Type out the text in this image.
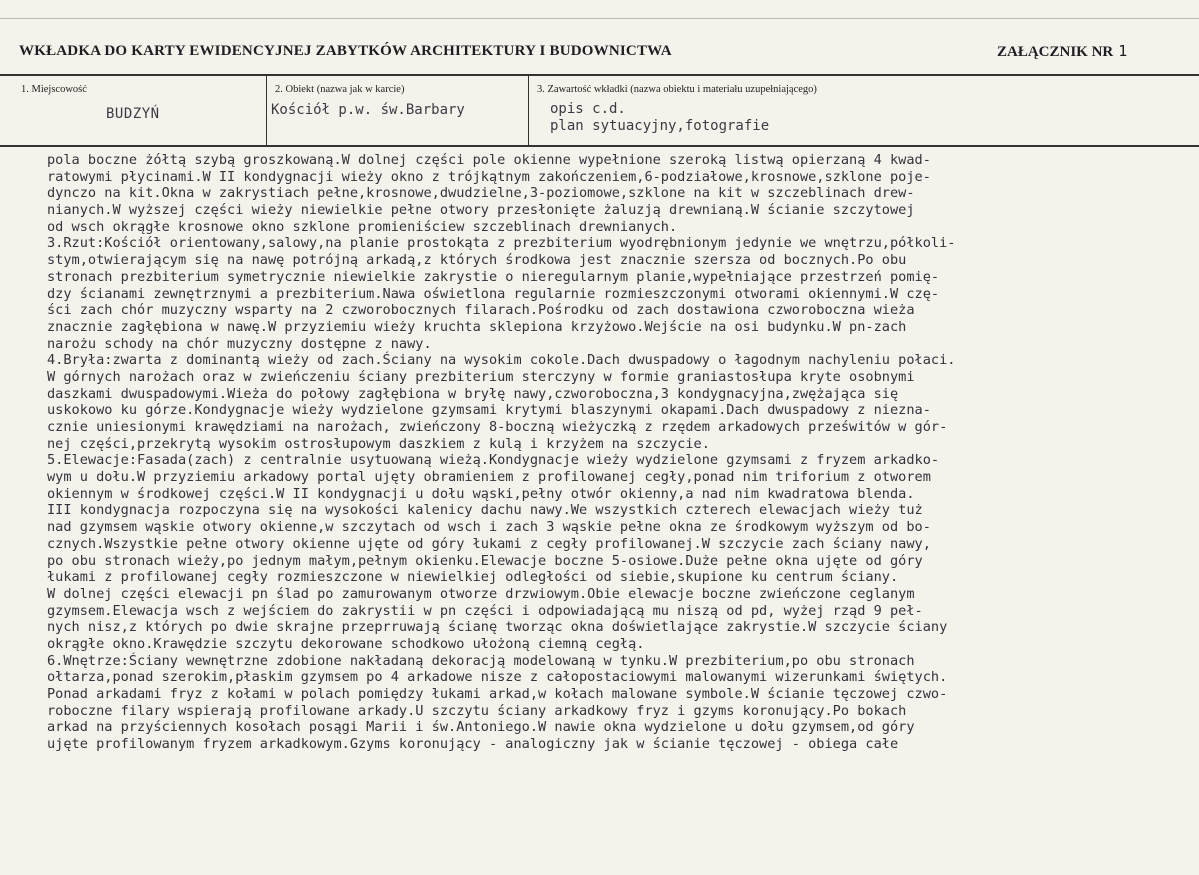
WKŁADKA DO KARTY EWIDENCYJNEJ ZABYTKÓW ARCHITEKTURY I BUDOWNICTWA	ZAŁĄCZNIK NR 1
1. Miejscowość
BUDZYŃ
2. Obiekt (nazwa jak w karcie)
Kościół p.w. św.Barbary
3. Zawartość wkładki (nazwa obiektu i materiału uzupełniającego)
opis c.d.
plan sytuacyjny,fotografie
pola boczne żółtą szybą groszkowaną.W dolnej części pole okienne wypełnione szeroką listwą opierzaną 4 kwad-
ratowymi płycinami.W II kondygnacji wieży okno z trójkątnym zakończeniem,6-podziałowe,krosnowe,szklone poje-
dynczo na kit.Okna w zakrystiach pełne,krosnowe,dwudzielne,3-poziomowe,szklone na kit w szczeblinach drew-
nianych.W wyższej części wieży niewielkie pełne otwory przesłonięte żaluzją drewnianą.W ścianie szczytowej
od wsch okrągłe krosnowe okno szklone promieniściew szczeblinach drewnianych.
3.Rzut:Kościół orientowany,salowy,na planie prostokąta z prezbiterium wyodrębnionym jedynie we wnętrzu,półkoli-
stym,otwierającym się na nawę potrójną arkadą,z których środkowa jest znacznie szersza od bocznych.Po obu
stronach prezbiterium symetrycznie niewielkie zakrystie o nieregularnym planie,wypełniające przestrzeń pomię-
dzy ścianami zewnętrznymi a prezbiterium.Nawa oświetlona regularnie rozmieszczonymi otworami okiennymi.W czę-
ści zach chór muzyczny wsparty na 2 czworobocznych filarach.Pośrodku od zach dostawiona czworoboczna wieża
znacznie zagłębiona w nawę.W przyziemiu wieży kruchta sklepiona krzyżowo.Wejście na osi budynku.W pn-zach
narożu schody na chór muzyczny dostępne z nawy.
4.Bryła:zwarta z dominantą wieży od zach.Ściany na wysokim cokole.Dach dwuspadowy o łagodnym nachyleniu połaci.
W górnych narożach oraz w zwieńczeniu ściany prezbiterium sterczyny w formie graniastosłupa kryte osobnymi
daszkami dwuspadowymi.Wieża do połowy zagłębiona w bryłę nawy,czworoboczna,3 kondygnacyjna,zwężająca się
uskokowo ku górze.Kondygnacje wieży wydzielone gzymsami krytymi blaszynymi okapami.Dach dwuspadowy z nieznа-
cznie uniesionymi krawędziami na narożach, zwieńczony 8-boczną wieżyczką z rzędem arkadowych prześwitów w gór-
nej części,przekrytą wysokim ostrosłupowym daszkiem z kulą i krzyżem na szczycie.
5.Elewacje:Fasada(zach) z centralnie usytuowaną wieżą.Kondygnacje wieży wydzielone gzymsami z fryzem arkadko-
wym u dołu.W przyziemiu arkadowy portal ujęty obramieniem z profilowanej cegły,ponad nim triforium z otworem
okiennym w środkowej części.W II kondygnacji u dołu wąski,pełny otwór okienny,a nad nim kwadratowa blenda.
III kondygnacja rozpoczyna się na wysokości kalenicy dachu nawy.We wszystkich czterech elewacjach wieży tuż
nad gzymsem wąskie otwory okienne,w szczytach od wsch i zach 3 wąskie pełne okna ze środkowym wyższym od bo-
cznych.Wszystkie pełne otwory okienne ujęte od góry łukami z cegły profilowanej.W szczycie zach ściany nawy,
po obu stronach wieży,po jednym małym,pełnym okienku.Elewacje boczne 5-osiowe.Duże pełne okna ujęte od góry
łukami z profilowanej cegły rozmieszczone w niewielkiej odległości od siebie,skupione ku centrum ściany.
W dolnej części elewacji pn ślad po zamurowanym otworze drzwiowym.Obie elewacje boczne zwieńczone ceglanym
gzymsem.Elewacja wsch z wejściem do zakrystii w pn części i odpowiadającą mu niszą od pd, wyżej rząd 9 peł-
nych nisz,z których po dwie skrajne przeprruwają ścianę tworząc okna doświetlające zakrystie.W szczycie ściany
okrągłe okno.Krawędzie szczytu dekorowane schodkowo ułożoną ciemną cegłą.
6.Wnętrze:Ściany wewnętrzne zdobione nakładaną dekoracją modelowaną w tynku.W prezbiterium,po obu stronach
ołtarza,ponad szerokim,płaskim gzymsem po 4 arkadowe nisze z całopostaciowymi malowanymi wizerunkami świętych.
Ponad arkadami fryz z kołami w polach pomiędzy łukami arkad,w kołach malowane symbole.W ścianie tęczowej czwo-
roboczne filary wspierają profilowane arkady.U szczytu ściany arkadkowy fryz i gzyms koronujący.Po bokach
arkad na przyściennych kosołach posągi Marii i św.Antoniego.W nawie okna wydzielone u dołu gzymsem,od góry
ujęte profilowanym fryzem arkadkowym.Gzyms koronujący - analogiczny jak w ścianie tęczowej - obiega całe
